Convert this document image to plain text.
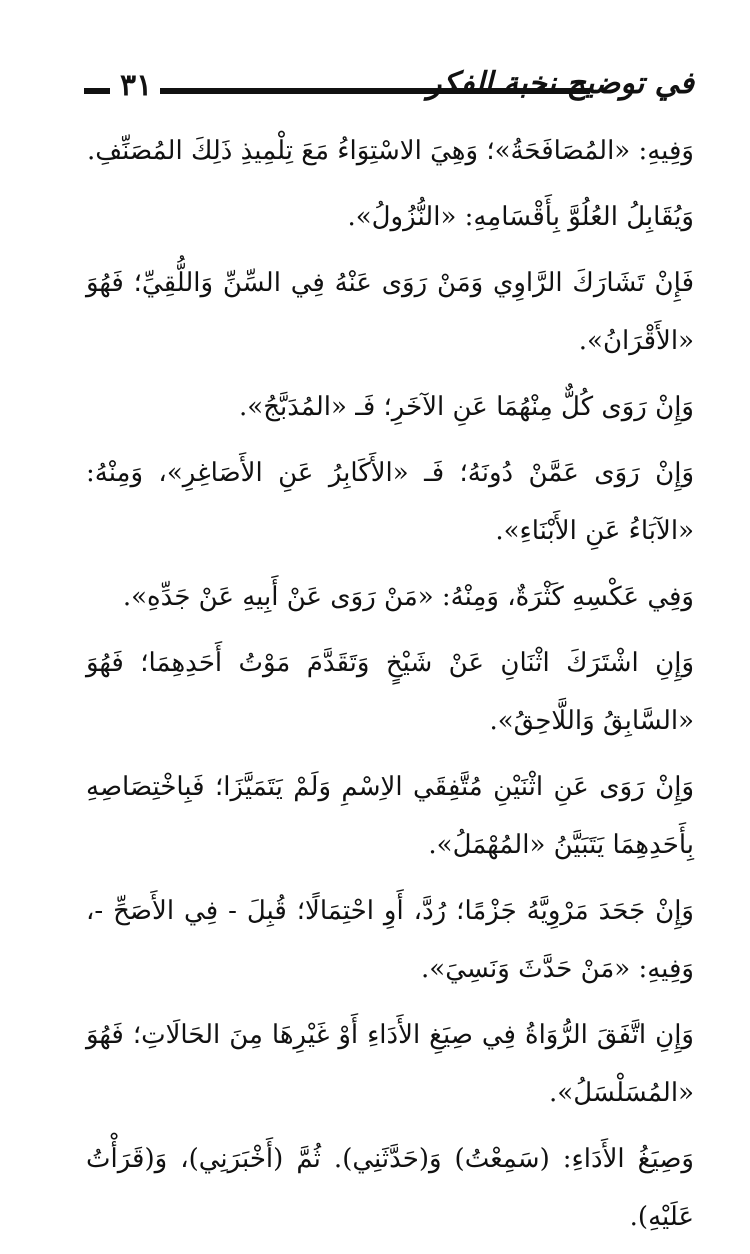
٣١	في توضيح نخبة الفكر

وَفِيهِ: «المُصَافَحَةُ»؛ وَهِيَ الاسْتِوَاءُ مَعَ تِلْمِيذِ ذَلِكَ المُصَنِّفِ.

وَيُقَابِلُ العُلُوَّ بِأَقْسَامِهِ: «النُّزُولُ».

فَإِنْ تَشَارَكَ الرَّاوِي وَمَنْ رَوَى عَنْهُ فِي السِّنِّ وَاللُّقِيِّ؛ فَهُوَ «الأَقْرَانُ».

وَإِنْ رَوَى كُلٌّ مِنْهُمَا عَنِ الآخَرِ؛ فَـ «المُدَبَّجُ».

وَإِنْ رَوَى عَمَّنْ دُونَهُ؛ فَـ «الأَكَابِرُ عَنِ الأَصَاغِرِ»، وَمِنْهُ: «الآبَاءُ عَنِ الأَبْنَاءِ».

وَفِي عَكْسِهِ كَثْرَةٌ، وَمِنْهُ: «مَنْ رَوَى عَنْ أَبِيهِ عَنْ جَدِّهِ».

وَإِنِ اشْتَرَكَ اثْنَانِ عَنْ شَيْخٍ وَتَقَدَّمَ مَوْتُ أَحَدِهِمَا؛ فَهُوَ «السَّابِقُ وَاللَّاحِقُ».

وَإِنْ رَوَى عَنِ اثْنَيْنِ مُتَّفِقَي الاِسْمِ وَلَمْ يَتَمَيَّزَا؛ فَبِاخْتِصَاصِهِ بِأَحَدِهِمَا يَتَبَيَّنُ «المُهْمَلُ».

وَإِنْ جَحَدَ مَرْوِيَّهُ جَزْمًا؛ رُدَّ، أَوِ احْتِمَالًا؛ قُبِلَ - فِي الأَصَحِّ -، وَفِيهِ: «مَنْ حَدَّثَ وَنَسِيَ».

وَإِنِ اتَّفَقَ الرُّوَاةُ فِي صِيَغِ الأَدَاءِ أَوْ غَيْرِهَا مِنَ الحَالَاتِ؛ فَهُوَ «المُسَلْسَلُ».

وَصِيَغُ الأَدَاءِ: (سَمِعْتُ) وَ(حَدَّثَنِي). ثُمَّ (أَخْبَرَنِي)، وَ(قَرَأْتُ عَلَيْهِ).
